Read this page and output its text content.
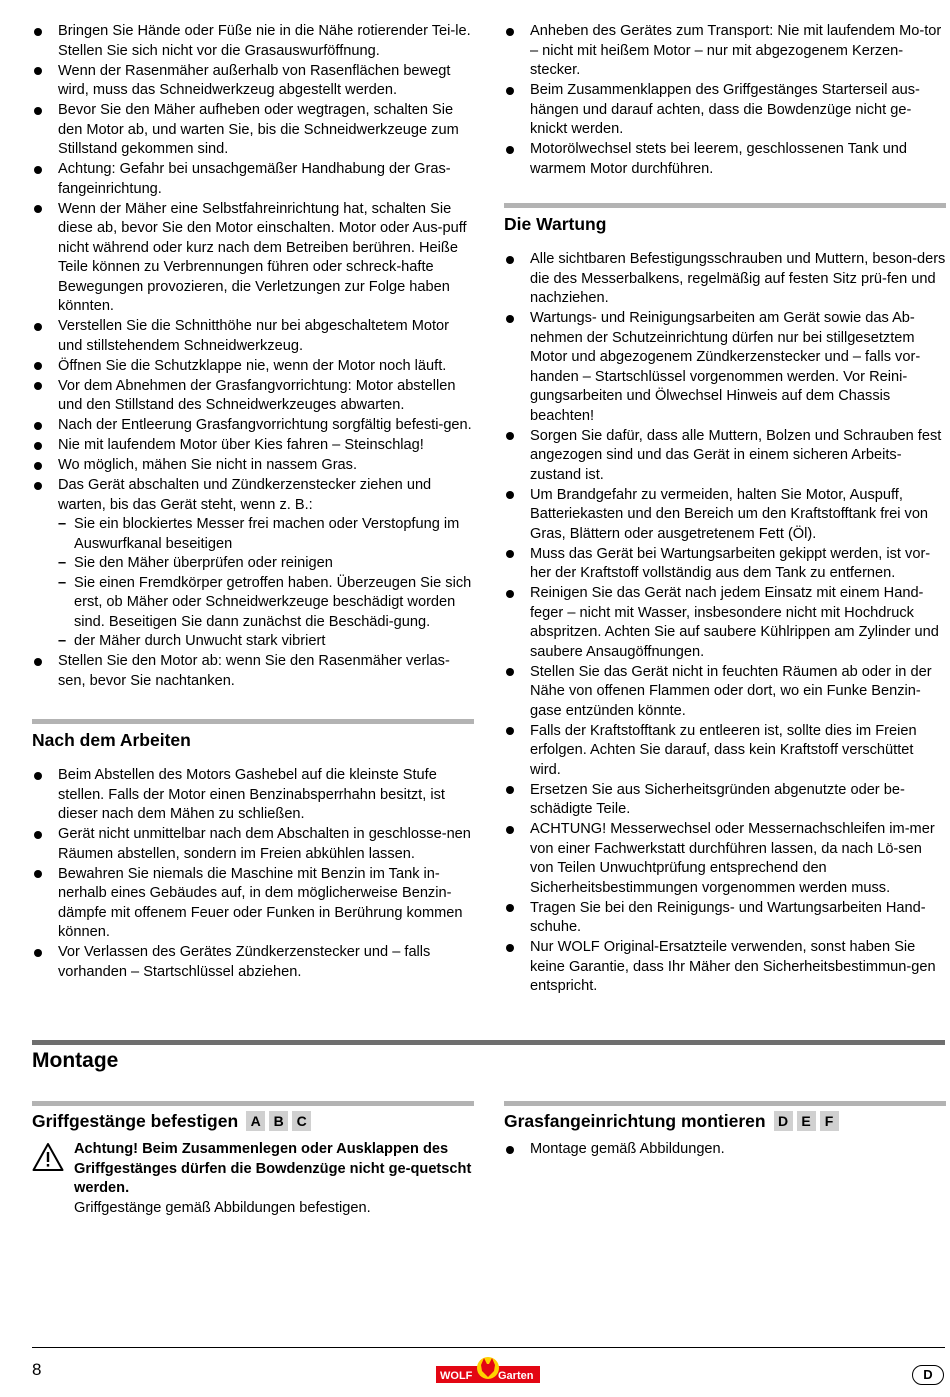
Bringen Sie Hände oder Füße nie in die Nähe rotierender Tei-le. Stellen Sie sich nicht vor die Grasauswurföffnung.
Wenn der Rasenmäher außerhalb von Rasenflächen bewegt wird, muss das Schneidwerkzeug abgestellt werden.
Bevor Sie den Mäher aufheben oder wegtragen, schalten Sie den Motor ab, und warten Sie, bis die Schneidwerkzeuge zum Stillstand gekommen sind.
Achtung: Gefahr bei unsachgemäßer Handhabung der Gras-fangeinrichtung.
Wenn der Mäher eine Selbstfahreinrichtung hat, schalten Sie diese ab, bevor Sie den Motor einschalten. Motor oder Aus-puff nicht während oder kurz nach dem Betreiben berühren. Heiße Teile können zu Verbrennungen führen oder schreck-hafte Bewegungen provozieren, die Verletzungen zur Folge haben könnten.
Verstellen Sie die Schnitthöhe nur bei abgeschaltetem Motor und stillstehendem Schneidwerkzeug.
Öffnen Sie die Schutzklappe nie, wenn der Motor noch läuft.
Vor dem Abnehmen der Grasfangvorrichtung: Motor abstellen und den Stillstand des Schneidwerkzeuges abwarten.
Nach der Entleerung Grasfangvorrichtung sorgfältig befesti-gen.
Nie mit laufendem Motor über Kies fahren – Steinschlag!
Wo möglich, mähen Sie nicht in nassem Gras.
Das Gerät abschalten und Zündkerzenstecker ziehen und warten, bis das Gerät steht, wenn z. B.:
– Sie ein blockiertes Messer frei machen oder Verstopfung im Auswurfkanal beseitigen
– Sie den Mäher überprüfen oder reinigen
– Sie einen Fremdkörper getroffen haben. Überzeugen Sie sich erst, ob Mäher oder Schneidwerkzeuge beschädigt worden sind. Beseitigen Sie dann zunächst die Beschädi-gung.
– der Mäher durch Unwucht stark vibriert
Stellen Sie den Motor ab: wenn Sie den Rasenmäher verlas-sen, bevor Sie nachtanken.
Nach dem Arbeiten
Beim Abstellen des Motors Gashebel auf die kleinste Stufe stellen. Falls der Motor einen Benzinabsperrhahn besitzt, ist dieser nach dem Mähen zu schließen.
Gerät nicht unmittelbar nach dem Abschalten in geschlosse-nen Räumen abstellen, sondern im Freien abkühlen lassen.
Bewahren Sie niemals die Maschine mit Benzin im Tank in-nerhalb eines Gebäudes auf, in dem möglicherweise Benzin-dämpfe mit offenem Feuer oder Funken in Berührung kommen können.
Vor Verlassen des Gerätes Zündkerzenstecker und – falls vorhanden – Startschlüssel abziehen.
Anheben des Gerätes zum Transport: Nie mit laufendem Mo-tor – nicht mit heißem Motor – nur mit abgezogenem Kerzen-stecker.
Beim Zusammenklappen des Griffgestänges Starterseil aus-hängen und darauf achten, dass die Bowdenzüge nicht ge-knickt werden.
Motorölwechsel stets bei leerem, geschlossenen Tank und warmem Motor durchführen.
Die Wartung
Alle sichtbaren Befestigungsschrauben und Muttern, beson-ders die des Messerbalkens, regelmäßig auf festen Sitz prü-fen und nachziehen.
Wartungs- und Reinigungsarbeiten am Gerät sowie das Ab-nehmen der Schutzeinrichtung dürfen nur bei stillgesetztem Motor und abgezogenem Zündkerzenstecker und – falls vor-handen – Startschlüssel vorgenommen werden. Vor Reini-gungsarbeiten und Ölwechsel Hinweis auf dem Chassis beachten!
Sorgen Sie dafür, dass alle Muttern, Bolzen und Schrauben fest angezogen sind und das Gerät in einem sicheren Arbeits-zustand ist.
Um Brandgefahr zu vermeiden, halten Sie Motor, Auspuff, Batteriekasten und den Bereich um den Kraftstofftank frei von Gras, Blättern oder ausgetretenem Fett (Öl).
Muss das Gerät bei Wartungsarbeiten gekippt werden, ist vor-her der Kraftstoff vollständig aus dem Tank zu entfernen.
Reinigen Sie das Gerät nach jedem Einsatz mit einem Hand-feger – nicht mit Wasser, insbesondere nicht mit Hochdruck abspritzen. Achten Sie auf saubere Kühlrippen am Zylinder und saubere Ansaugöffnungen.
Stellen Sie das Gerät nicht in feuchten Räumen ab oder in der Nähe von offenen Flammen oder dort, wo ein Funke Benzin-gase entzünden könnte.
Falls der Kraftstofftank zu entleeren ist, sollte dies im Freien erfolgen. Achten Sie darauf, dass kein Kraftstoff verschüttet wird.
Ersetzen Sie aus Sicherheitsgründen abgenutzte oder be-schädigte Teile.
ACHTUNG! Messerwechsel oder Messernachschleifen im-mer von einer Fachwerkstatt durchführen lassen, da nach Lö-sen von Teilen Unwuchtprüfung entsprechend den Sicherheitsbestimmungen vorgenommen werden muss.
Tragen Sie bei den Reinigungs- und Wartungsarbeiten Hand-schuhe.
Nur WOLF Original-Ersatzteile verwenden, sonst haben Sie keine Garantie, dass Ihr Mäher den Sicherheitsbestimmun-gen entspricht.
Montage
Griffgestänge befestigen A B C
Achtung! Beim Zusammenlegen oder Ausklappen des Griffgestänges dürfen die Bowdenzüge nicht ge-quetscht werden.
Griffgestänge gemäß Abbildungen befestigen.
Grasfangeinrichtung montieren D E	F
Montage gemäß Abbildungen.
8	WOLF Garten	D
